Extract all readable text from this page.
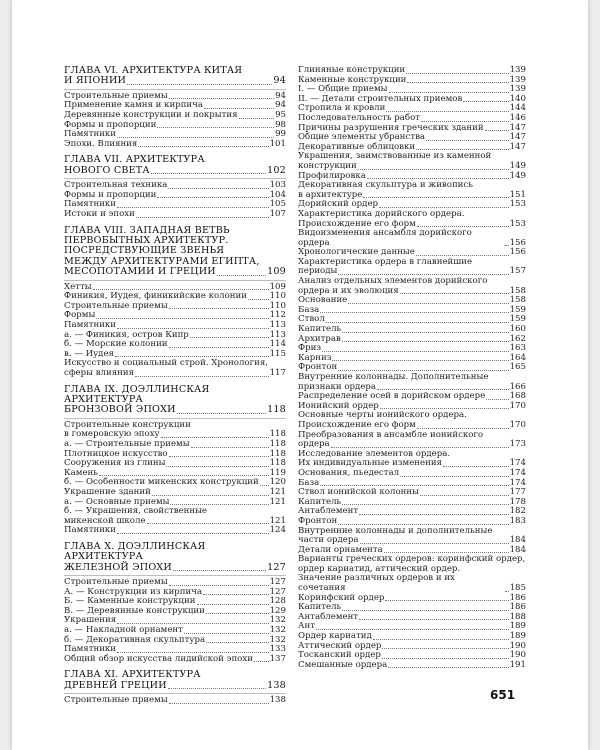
ГЛАВА VI. АРХИТЕКТУРА КИТАЯ
И ЯПОНИИ	94
Строительные приемы	94
Применение камня и кирпича	94
Деревянные конструкции и покрытия	95
Формы и пропорции	98
Памятники	99
Эпохи. Влияния	101
ГЛАВА VII. АРХИТЕКТУРА
НОВОГО СВЕТА	102
Строительная техника	103
Формы и пропорции	104
Памятники	105
Истоки и эпохи	107
ГЛАВА VIII. ЗАПАДНАЯ ВЕТВЬ
ПЕРВОБЫТНЫХ АРХИТЕКТУР.
ПОСРЕДСТВУЮЩИЕ ЗВЕНЬЯ
МЕЖДУ АРХИТЕКТУРАМИ ЕГИПТА,
МЕСОПОТАМИИ И ГРЕЦИИ	109
Хетты	109
Финикия, Иудея, финикийские колонии	110
Строительные приемы	110
Формы	112
Памятники	113
а. — Финикия, остров Кипр	113
б. — Морские колонии	114
в. — Иудея	115
Искусство и социальный строй. Хронология,
сферы влияния	117
ГЛАВА IX. ДОЭЛЛИНСКАЯ АРХИТЕКТУРА
БРОНЗОВОЙ ЭПОХИ	118
Строительные конструкции
в гомеровскую эпоху	118
а. — Строительные приемы	118
Плотницкое искусство	118
Сооружения из глины	118
Камень	119
б. — Особенности микенских конструкций 120
Украшение зданий	121
а. — Основные приемы	121
б. — Украшения, свойственные
микенской школе	121
Памятники	124
ГЛАВА X. ДОЭЛЛИНСКАЯ АРХИТЕКТУРА
ЖЕЛЕЗНОЙ ЭПОХИ	127
Строительные приемы	127
А. — Конструкции из кирпича	127
Б. — Каменные конструкции	128
В. — Деревянные конструкции	129
Украшения	132
а. — Накладной орнамент	132
б. — Декоративная скульптура	132
Памятники	133
Общий обзор искусства лидийской эпохи 137
ГЛАВА XI. АРХИТЕКТУРА
ДРЕВНЕЙ ГРЕЦИИ	138
Строительные приемы	138
Глиняные конструкции	139
Каменные конструкции	139
I. — Общие приемы	139
II. — Детали строительных приемов	140
Стропила и кровли	144
Последовательность работ	146
Причины разрушения греческих зданий	147
Общие элементы убранства	147
Декоративные облицовки	147
Украшения, заимствованные из каменной
конструкции	149
Профилировка	149
Декоративная скульптура и живопись
в архитектуре	151
Дорийский ордер	153
Характеристика дорийского ордера.
Происхождение его форм	153
Видоизменения ансамбля дорийского ордера	156
Хронологические данные	156
Характеристика ордера в главнейшие
периоды	157
Анализ отдельных элементов дорийского
ордера и их эволюция	158
Основание	158
База	159
Ствол	159
Капитель	160
Архитрав	162
Фриз	163
Карниз	164
Фронтон	165
Внутренние колоннады. Дополнительные
признаки ордера	166
Распределение осей в дорийском ордере	168
Ионийский ордер	170
Основные черты ионийского ордера.
Происхождение его форм	170
Преобразования в ансамбле ионийского
ордера	173
Исследование элементов ордера.
Их индивидуальные изменения	174
Основания, пьедестал	174
База	174
Ствол ионийской колонны	177
Капитель	178
Антаблемент	182
Фронтон	183
Внутренние колоннады и дополнительные
части ордера	184
Детали орнамента	184
Варианты греческих ордеров: коринфский ордер,
ордер кариатид, аттический ордер.
Значение различных ордеров и их сочетания	185
Коринфский ордер	186
Капитель	186
Антаблемент	188
Ант	189
Ордер кариатид	189
Аттический ордер	190
Тосканский ордер	190
Смешанные ордера	191
651
